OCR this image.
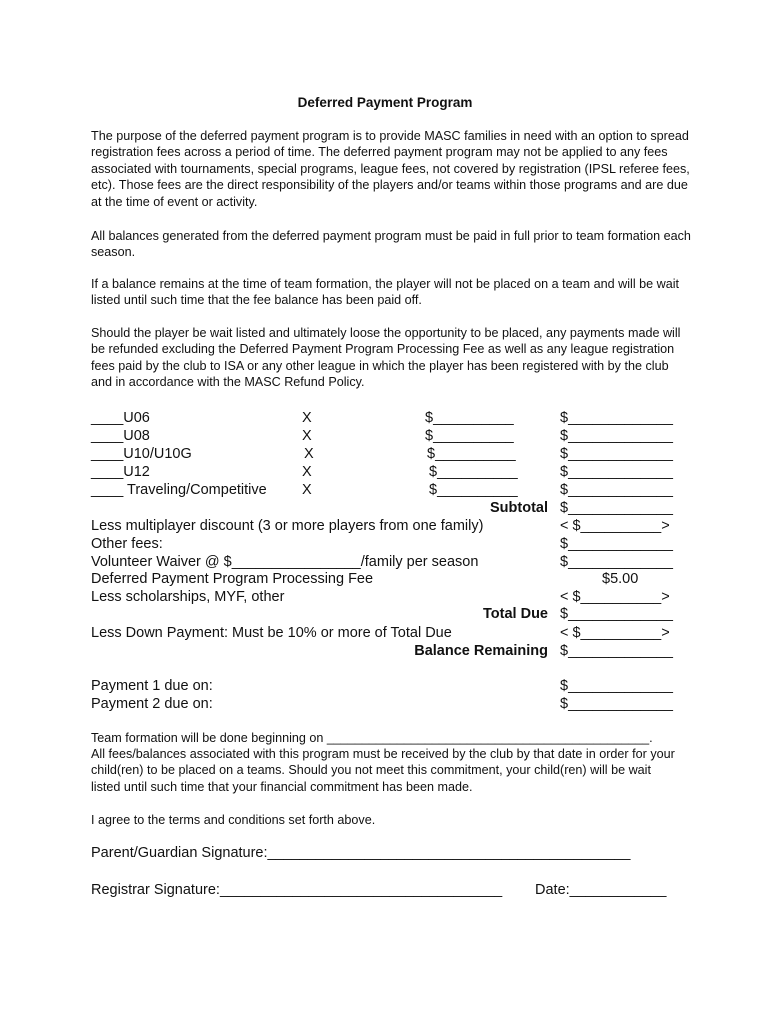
Deferred Payment Program

The purpose of the deferred payment program is to provide MASC families in need with an option to spread registration fees across a period of time. The deferred payment program may not be applied to any fees associated with tournaments, special programs, league fees, not covered by registration (IPSL referee fees, etc). Those fees are the direct responsibility of the players and/or teams within those programs and are due at the time of event or activity.

All balances generated from the deferred payment program must be paid in full prior to team formation each season.

If a balance remains at the time of team formation, the player will not be placed on a team and will be wait listed until such time that the fee balance has been paid off.

Should the player be wait listed and ultimately loose the opportunity to be placed, any payments made will be refunded excluding the Deferred Payment Program Processing Fee as well as any league registration fees paid by the club to ISA or any other league in which the player has been registered with by the club and in accordance with the MASC Refund Policy.

____U06	X	$__________	$_____________
____U08	X	$__________	$_____________
____U10/U10G	X	$__________	$_____________
____U12	X	$__________	$_____________
____ Traveling/Competitive X	$__________	$_____________
Subtotal $_____________
Less multiplayer discount (3 or more players from one family)	< $__________>
Other fees:	$_____________
Volunteer Waiver @ $________________/family per season	$_____________
Deferred Payment Program Processing Fee	$5.00
Less scholarships, MYF, other	< $__________>
Total Due $_____________
Less Down Payment: Must be 10% or more of Total Due	< $__________>
Balance Remaining $_____________
Payment 1 due on:	$_____________
Payment 2 due on:	$_____________
Team formation will be done beginning on ______________________________________________.

All fees/balances associated with this program must be received by the club by that date in order for your child(ren) to be placed on a teams. Should you not meet this commitment, your child(ren) will be wait listed until such time that your financial commitment has been made.

I agree to the terms and conditions set forth above.
Parent/Guardian Signature:_____________________________________________
Registrar Signature:___________________________________ Date:____________
